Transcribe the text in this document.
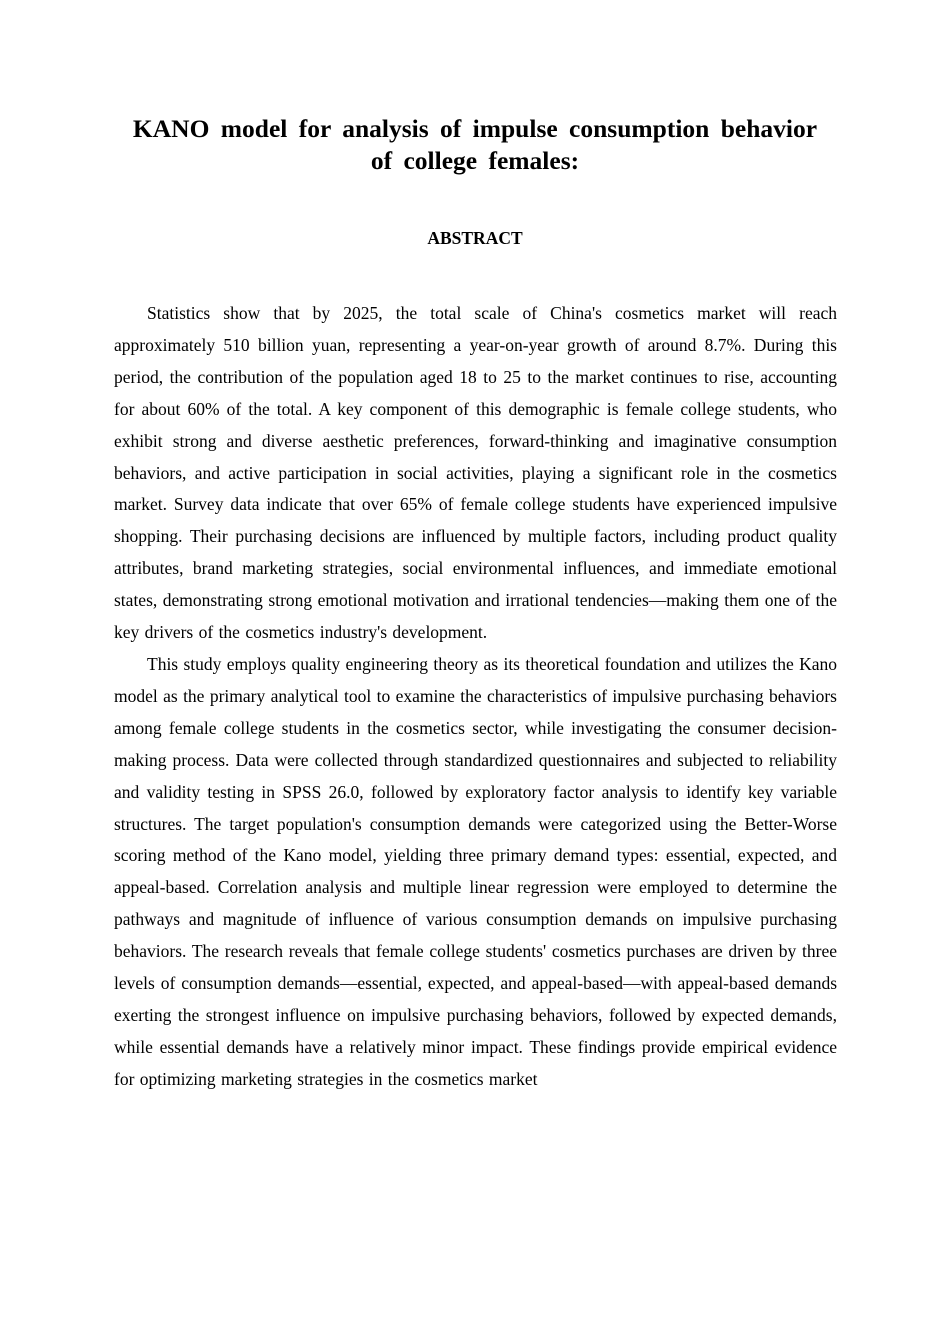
KANO model for analysis of impulse consumption behavior of college females:
ABSTRACT

Statistics show that by 2025, the total scale of China's cosmetics market will reach approximately 510 billion yuan, representing a year-on-year growth of around 8.7%. During this period, the contribution of the population aged 18 to 25 to the market continues to rise, accounting for about 60% of the total. A key component of this demographic is female college students, who exhibit strong and diverse aesthetic preferences, forward-thinking and imaginative consumption behaviors, and active participation in social activities, playing a significant role in the cosmetics market. Survey data indicate that over 65% of female college students have experienced impulsive shopping. Their purchasing decisions are influenced by multiple factors, including product quality attributes, brand marketing strategies, social environmental influences, and immediate emotional states, demonstrating strong emotional motivation and irrational tendencies—making them one of the key drivers of the cosmetics industry's development.

This study employs quality engineering theory as its theoretical foundation and utilizes the Kano model as the primary analytical tool to examine the characteristics of impulsive purchasing behaviors among female college students in the cosmetics sector, while investigating the consumer decision-making process. Data were collected through standardized questionnaires and subjected to reliability and validity testing in SPSS 26.0, followed by exploratory factor analysis to identify key variable structures. The target population's consumption demands were categorized using the Better-Worse scoring method of the Kano model, yielding three primary demand types: essential, expected, and appeal-based. Correlation analysis and multiple linear regression were employed to determine the pathways and magnitude of influence of various consumption demands on impulsive purchasing behaviors. The research reveals that female college students' cosmetics purchases are driven by three levels of consumption demands—essential, expected, and appeal-based—with appeal-based demands exerting the strongest influence on impulsive purchasing behaviors, followed by expected demands, while essential demands have a relatively minor impact. These findings provide empirical evidence for optimizing marketing strategies in the cosmetics market
